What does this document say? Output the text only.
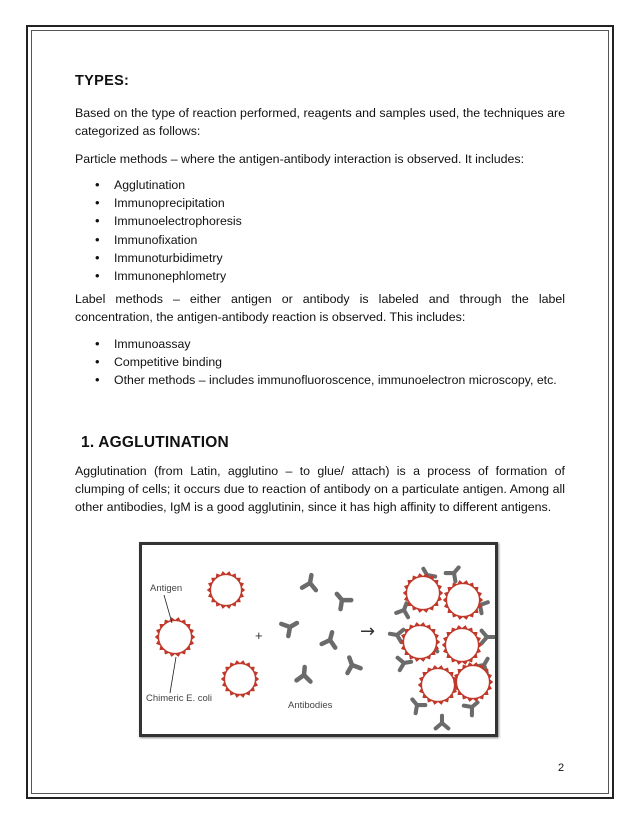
TYPES:

Based on the type of reaction performed, reagents and samples used, the techniques are categorized as follows:

Particle methods – where the antigen-antibody interaction is observed. It includes:

• Agglutination
• Immunoprecipitation
• Immunoelectrophoresis
• Immunofixation
• Immunoturbidimetry
• Immunonephlometry

Label methods – either antigen or antibody is labeled and through the label concentration, the antigen-antibody reaction is observed. This includes:

• Immunoassay
• Competitive binding
• Other methods – includes immunofluoroscence, immunoelectron microscopy, etc.
1. AGGLUTINATION

Agglutination (from Latin, agglutino – to glue/ attach) is a process of formation of clumping of cells; it occurs due to reaction of antibody on a particulate antigen. Among all other antibodies, IgM is a good agglutinin, since it has high affinity to different antigens.

Antigen
Chimeric E. coli
+
Antibodies
→
2
